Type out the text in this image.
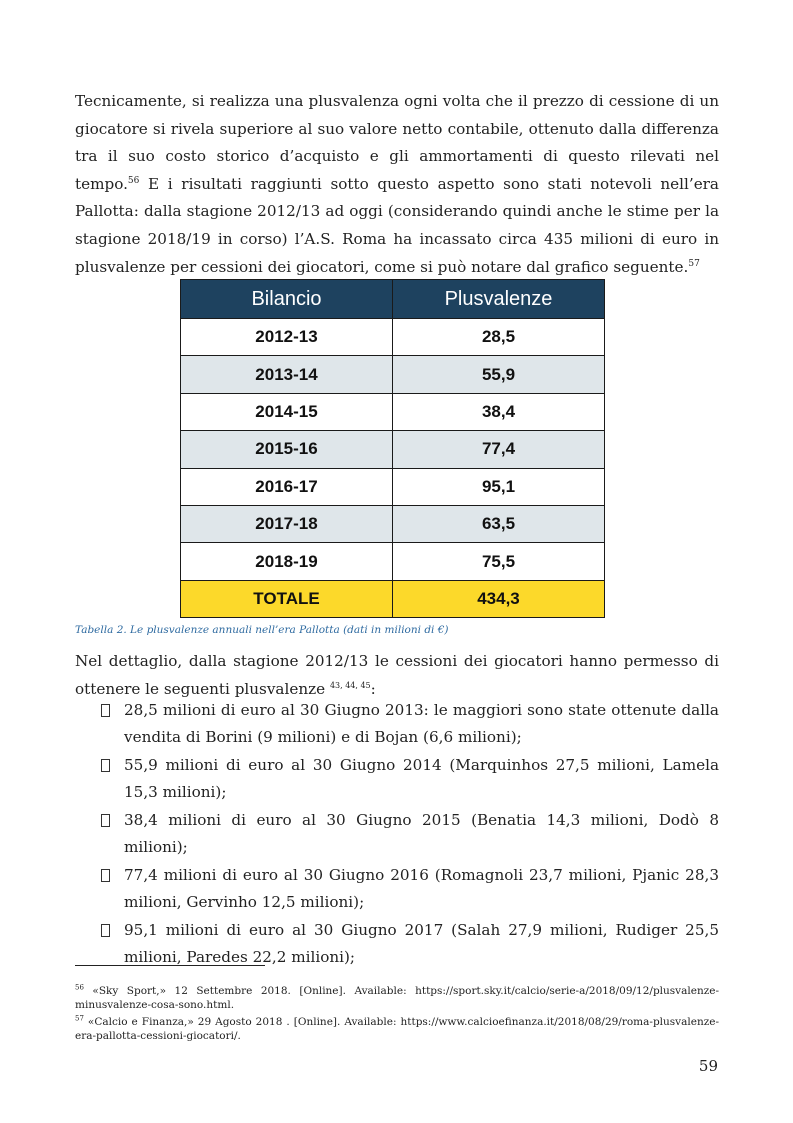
Tecnicamente, si realizza una plusvalenza ogni volta che il prezzo di cessione di un giocatore si rivela superiore al suo valore netto contabile, ottenuto dalla differenza tra il suo costo storico d’acquisto e gli ammortamenti di questo rilevati nel tempo.$^{56}$ E i risultati raggiunti sotto questo aspetto sono stati notevoli nell’era Pallotta: dalla stagione 2012/13 ad oggi (considerando quindi anche le stime per la stagione 2018/19 in corso) l’A.S. Roma ha incassato circa 435 milioni di euro in plusvalenze per cessioni dei giocatori, come si può notare dal grafico seguente.$^{57}$

Bilancio	Plusvalenze
2012-13	28,5
2013-14	55,9
2014-15	38,4
2015-16	77,4
2016-17	95,1
2017-18	63,5
2018-19	75,5
TOTALE	434,3
Tabella 2. Le plusvalenze annuali nell’era Pallotta (dati in milioni di €)

Nel dettaglio, dalla stagione 2012/13 le cessioni dei giocatori hanno permesso di ottenere le seguenti plusvalenze $^{43, 44, 45}$:

28,5 milioni di euro al 30 Giugno 2013: le maggiori sono state ottenute dalla vendita di Borini (9 milioni) e di Bojan (6,6 milioni);
55,9 milioni di euro al 30 Giugno 2014 (Marquinhos 27,5 milioni, Lamela 15,3 milioni);
38,4 milioni di euro al 30 Giugno 2015 (Benatia 14,3 milioni, Dodò 8 milioni);
77,4 milioni di euro al 30 Giugno 2016 (Romagnoli 23,7 milioni, Pjanic 28,3 milioni, Gervinho 12,5 milioni);
95,1 milioni di euro al 30 Giugno 2017 (Salah 27,9 milioni, Rudiger 25,5 milioni, Paredes 22,2 milioni);

$^{56}$ «Sky Sport,» 12 Settembre 2018. [Online]. Available: https://sport.sky.it/calcio/serie-a/2018/09/12/plusvalenze-minusvalenze-cosa-sono.html.

$^{57}$ «Calcio e Finanza,» 29 Agosto 2018 . [Online]. Available: https://www.calcioefinanza.it/2018/08/29/roma-plusvalenze-era-pallotta-cessioni-giocatori/.

59
